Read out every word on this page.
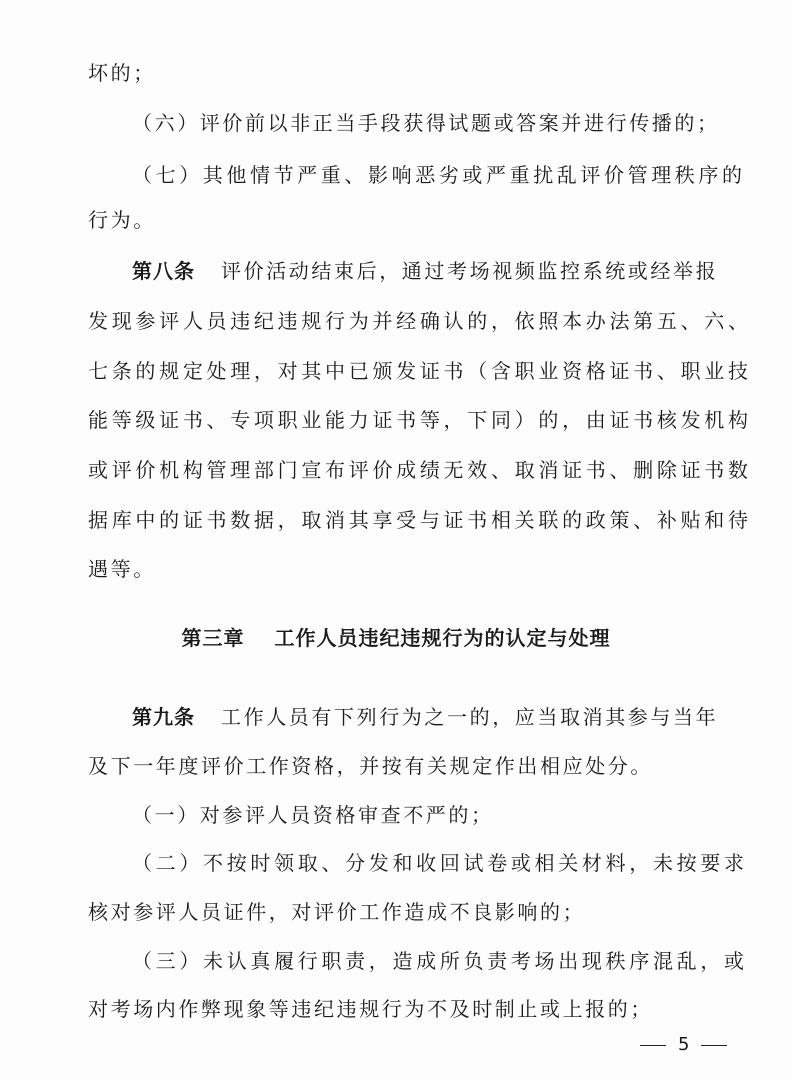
坏的；
（六）评价前以非正当手段获得试题或答案并进行传播的；
（七）其他情节严重、影响恶劣或严重扰乱评价管理秩序的
行为。
第八条 评价活动结束后，通过考场视频监控系统或经举报
发现参评人员违纪违规行为并经确认的，依照本办法第五、六、
七条的规定处理，对其中已颁发证书（含职业资格证书、职业技
能等级证书、专项职业能力证书等，下同）的，由证书核发机构
或评价机构管理部门宣布评价成绩无效、取消证书、删除证书数
据库中的证书数据，取消其享受与证书相关联的政策、补贴和待
遇等。
第三章 工作人员违纪违规行为的认定与处理
第九条 工作人员有下列行为之一的，应当取消其参与当年
及下一年度评价工作资格，并按有关规定作出相应处分。
（一）对参评人员资格审查不严的；
（二）不按时领取、分发和收回试卷或相关材料，未按要求
核对参评人员证件，对评价工作造成不良影响的；
（三）未认真履行职责，造成所负责考场出现秩序混乱，或
对考场内作弊现象等违纪违规行为不及时制止或上报的；
5
